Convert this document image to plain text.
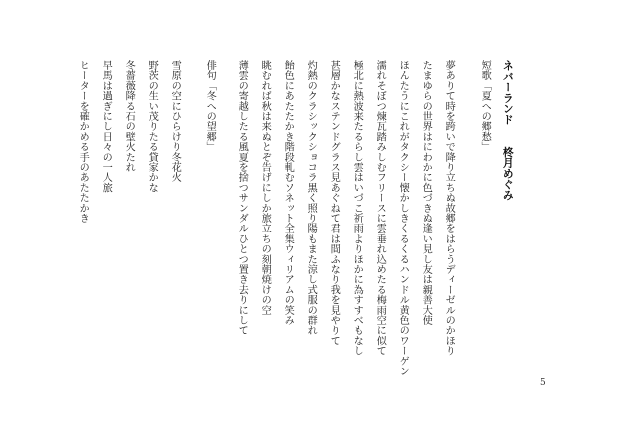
ネバーランド　　柊月めぐみ
短歌「夏への郷愁」
夢ありて時を跨いで降り立ちぬ故郷をはらうディーゼルのかほり
たまゆらの世界はにわかに色づきぬ逢い見し友は親善大使
ほんたうにこれがタクシー懐かしきくるくるハンドル黄色のワーゲン
濡れそぼつ煉瓦踏みしむフリースに雲垂れ込めたる梅雨空に似て
極北に熱波来たるらし雲はいづこ祈雨よりほかに為すすべもなし
甚層かなステンドグラス見あぐねて君は間ふなり我を見やりて
灼熱のクラシックショコラ黒く照り陽もまた涼し式服の群れ
飴色にあたたかき階段軋むソネット全集ウィリアムの笑み
眺むれば秋は来ぬとぞ告げにしか旅立ちの刻朝焼けの空
薄雲の寄越したる風夏を捨つサンダルひとつ置き去りにして
俳句「冬への望郷」
雪原の空にひらけり冬花火
野茨の生い茂りたる貸家かな
冬薔薇降る石の壁火たれ
早馬は過ぎにし日々の一人旅
ヒーターを確かめる手のあたたかき
5
